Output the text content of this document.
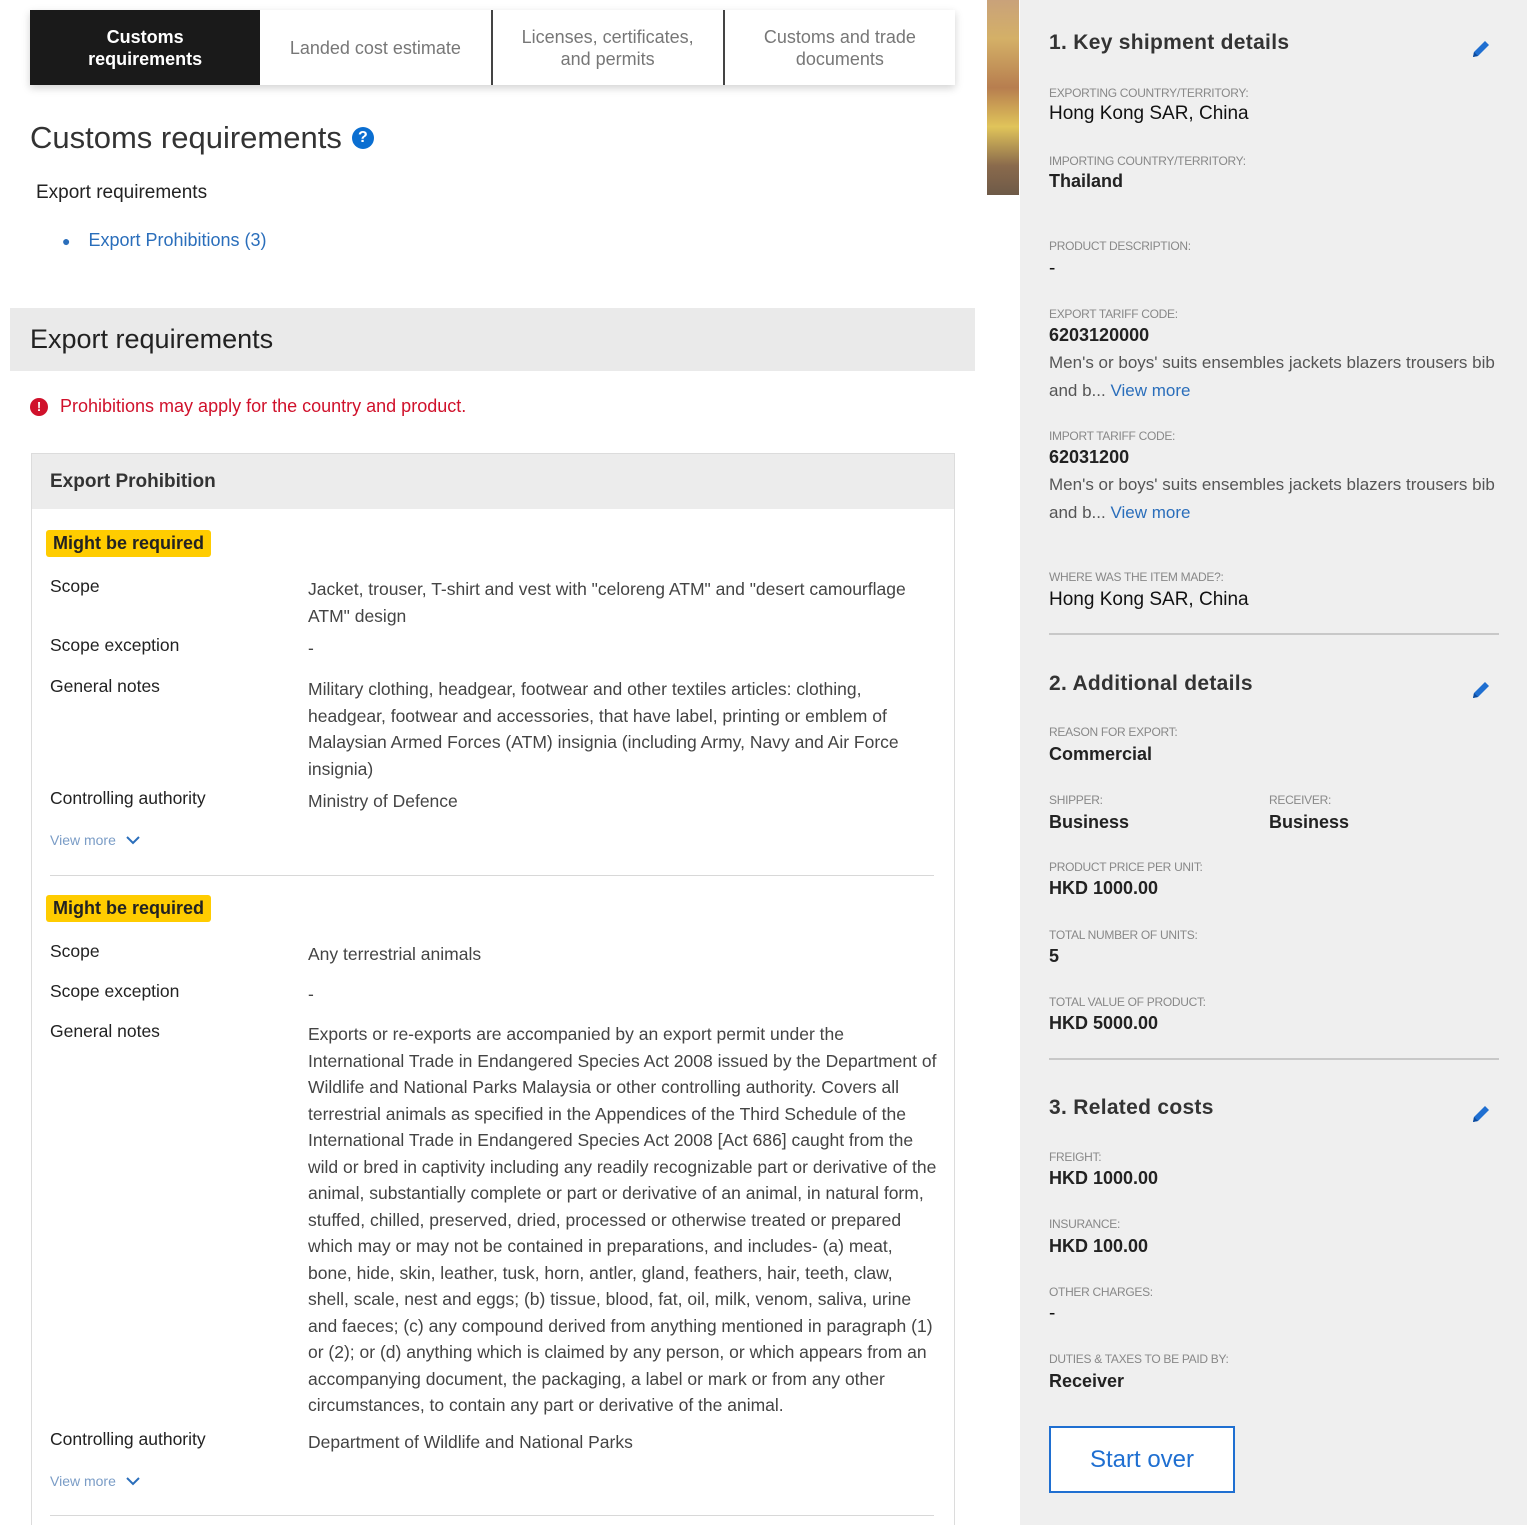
Customs requirements
Landed cost estimate
Licenses, certificates, and permits
Customs and trade documents
Customs requirements	?
Export requirements
● Export Prohibitions (3)
Export requirements
!	Prohibitions may apply for the country and product.
Export Prohibition
Might be required
Scope	Jacket, trouser, T-shirt and vest with "celoreng ATM" and "desert camourflage ATM" design
Scope exception	-
General notes	Military clothing, headgear, footwear and other textiles articles: clothing, headgear, footwear and accessories, that have label, printing or emblem of Malaysian Armed Forces (ATM) insignia (including Army, Navy and Air Force insignia)
Controlling authority	Ministry of Defence
View more
Might be required
Scope	Any terrestrial animals
Scope exception	-
General notes	Exports or re-exports are accompanied by an export permit under the International Trade in Endangered Species Act 2008 issued by the Department of Wildlife and National Parks Malaysia or other controlling authority. Covers all terrestrial animals as specified in the Appendices of the Third Schedule of the International Trade in Endangered Species Act 2008 [Act 686] caught from the wild or bred in captivity including any readily recognizable part or derivative of the animal, substantially complete or part or derivative of an animal, in natural form, stuffed, chilled, preserved, dried, processed or otherwise treated or prepared which may or may not be contained in preparations, and includes- (a) meat, bone, hide, skin, leather, tusk, horn, antler, gland, feathers, hair, teeth, claw, shell, scale, nest and eggs; (b) tissue, blood, fat, oil, milk, venom, saliva, urine and faeces; (c) any compound derived from anything mentioned in paragraph (1) or (2); or (d) anything which is claimed by any person, or which appears from an accompanying document, the packaging, a label or mark or from any other circumstances, to contain any part or derivative of the animal.
Controlling authority	Department of Wildlife and National Parks
View more
1. Key shipment details
EXPORTING COUNTRY/TERRITORY:
Hong Kong SAR, China
IMPORTING COUNTRY/TERRITORY:
Thailand
PRODUCT DESCRIPTION:
-
EXPORT TARIFF CODE:
6203120000
Men's or boys' suits ensembles jackets blazers trousers bib and b... View more
IMPORT TARIFF CODE:
62031200
Men's or boys' suits ensembles jackets blazers trousers bib and b... View more
WHERE WAS THE ITEM MADE?:
Hong Kong SAR, China
2. Additional details
REASON FOR EXPORT:
Commercial
SHIPPER:
Business
RECEIVER:
Business
PRODUCT PRICE PER UNIT:
HKD 1000.00
TOTAL NUMBER OF UNITS:
5
TOTAL VALUE OF PRODUCT:
HKD 5000.00
3. Related costs
FREIGHT:
HKD 1000.00
INSURANCE:
HKD 100.00
OTHER CHARGES:
-
DUTIES & TAXES TO BE PAID BY:
Receiver
Start over
